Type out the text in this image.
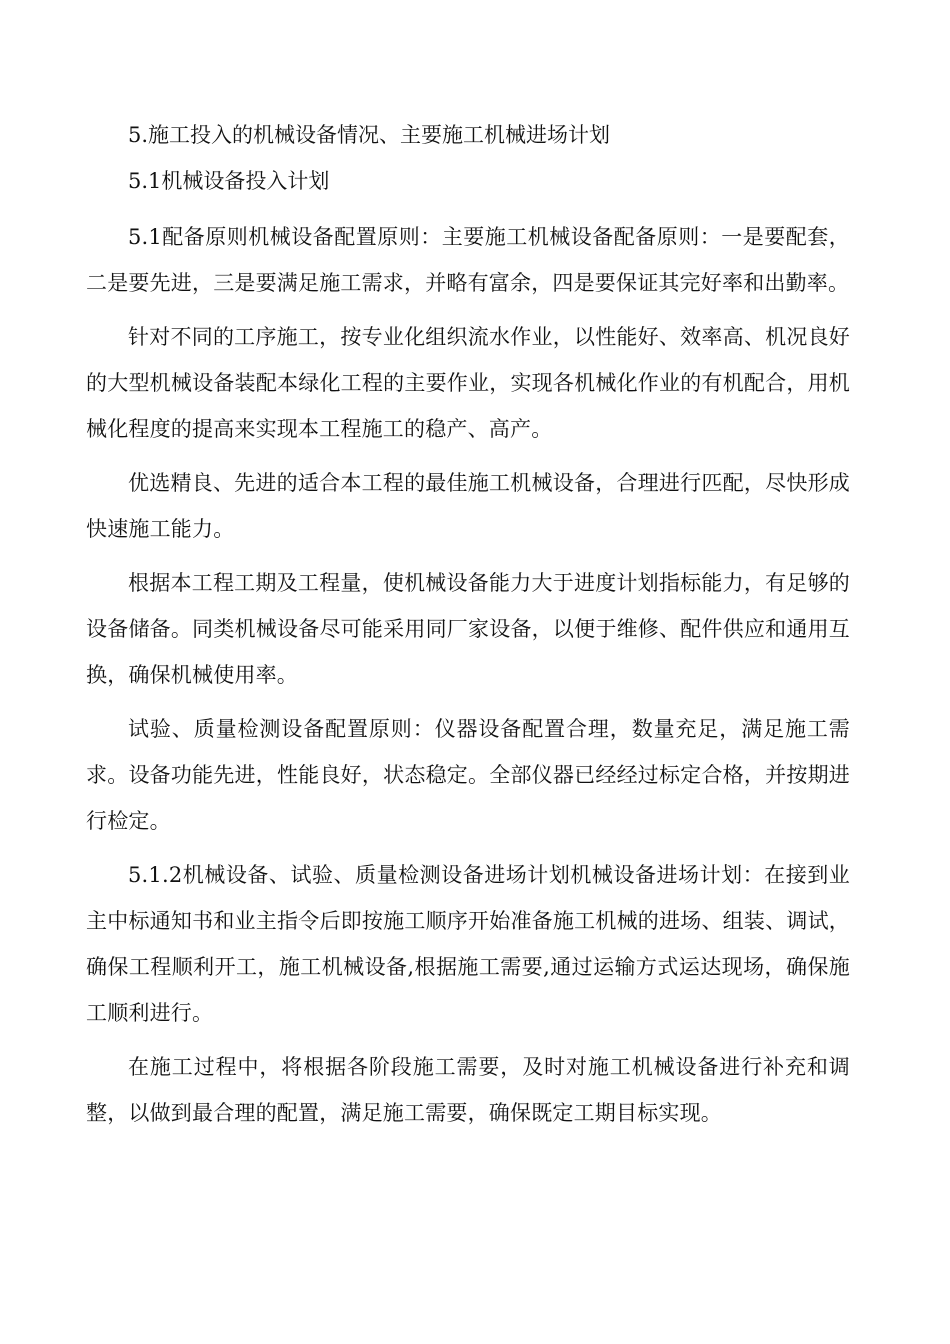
5.施工投入的机械设备情况、主要施工机械进场计划
5.1机械设备投入计划

5.1配备原则机械设备配置原则：主要施工机械设备配备原则：一是要配套，二是要先进，三是要满足施工需求，并略有富余，四是要保证其完好率和出勤率。

针对不同的工序施工，按专业化组织流水作业，以性能好、效率高、机况良好的大型机械设备装配本绿化工程的主要作业，实现各机械化作业的有机配合，用机械化程度的提高来实现本工程施工的稳产、高产。

优选精良、先进的适合本工程的最佳施工机械设备，合理进行匹配，尽快形成快速施工能力。

根据本工程工期及工程量，使机械设备能力大于进度计划指标能力，有足够的设备储备。同类机械设备尽可能采用同厂家设备，以便于维修、配件供应和通用互换，确保机械使用率。

试验、质量检测设备配置原则：仪器设备配置合理，数量充足，满足施工需求。设备功能先进，性能良好，状态稳定。全部仪器已经经过标定合格，并按期进行检定。

5.1.2机械设备、试验、质量检测设备进场计划机械设备进场计划：在接到业主中标通知书和业主指令后即按施工顺序开始准备施工机械的进场、组装、调试，确保工程顺利开工，施工机械设备,根据施工需要,通过运输方式运达现场，确保施工顺利进行。

在施工过程中，将根据各阶段施工需要，及时对施工机械设备进行补充和调整，以做到最合理的配置，满足施工需要，确保既定工期目标实现。
